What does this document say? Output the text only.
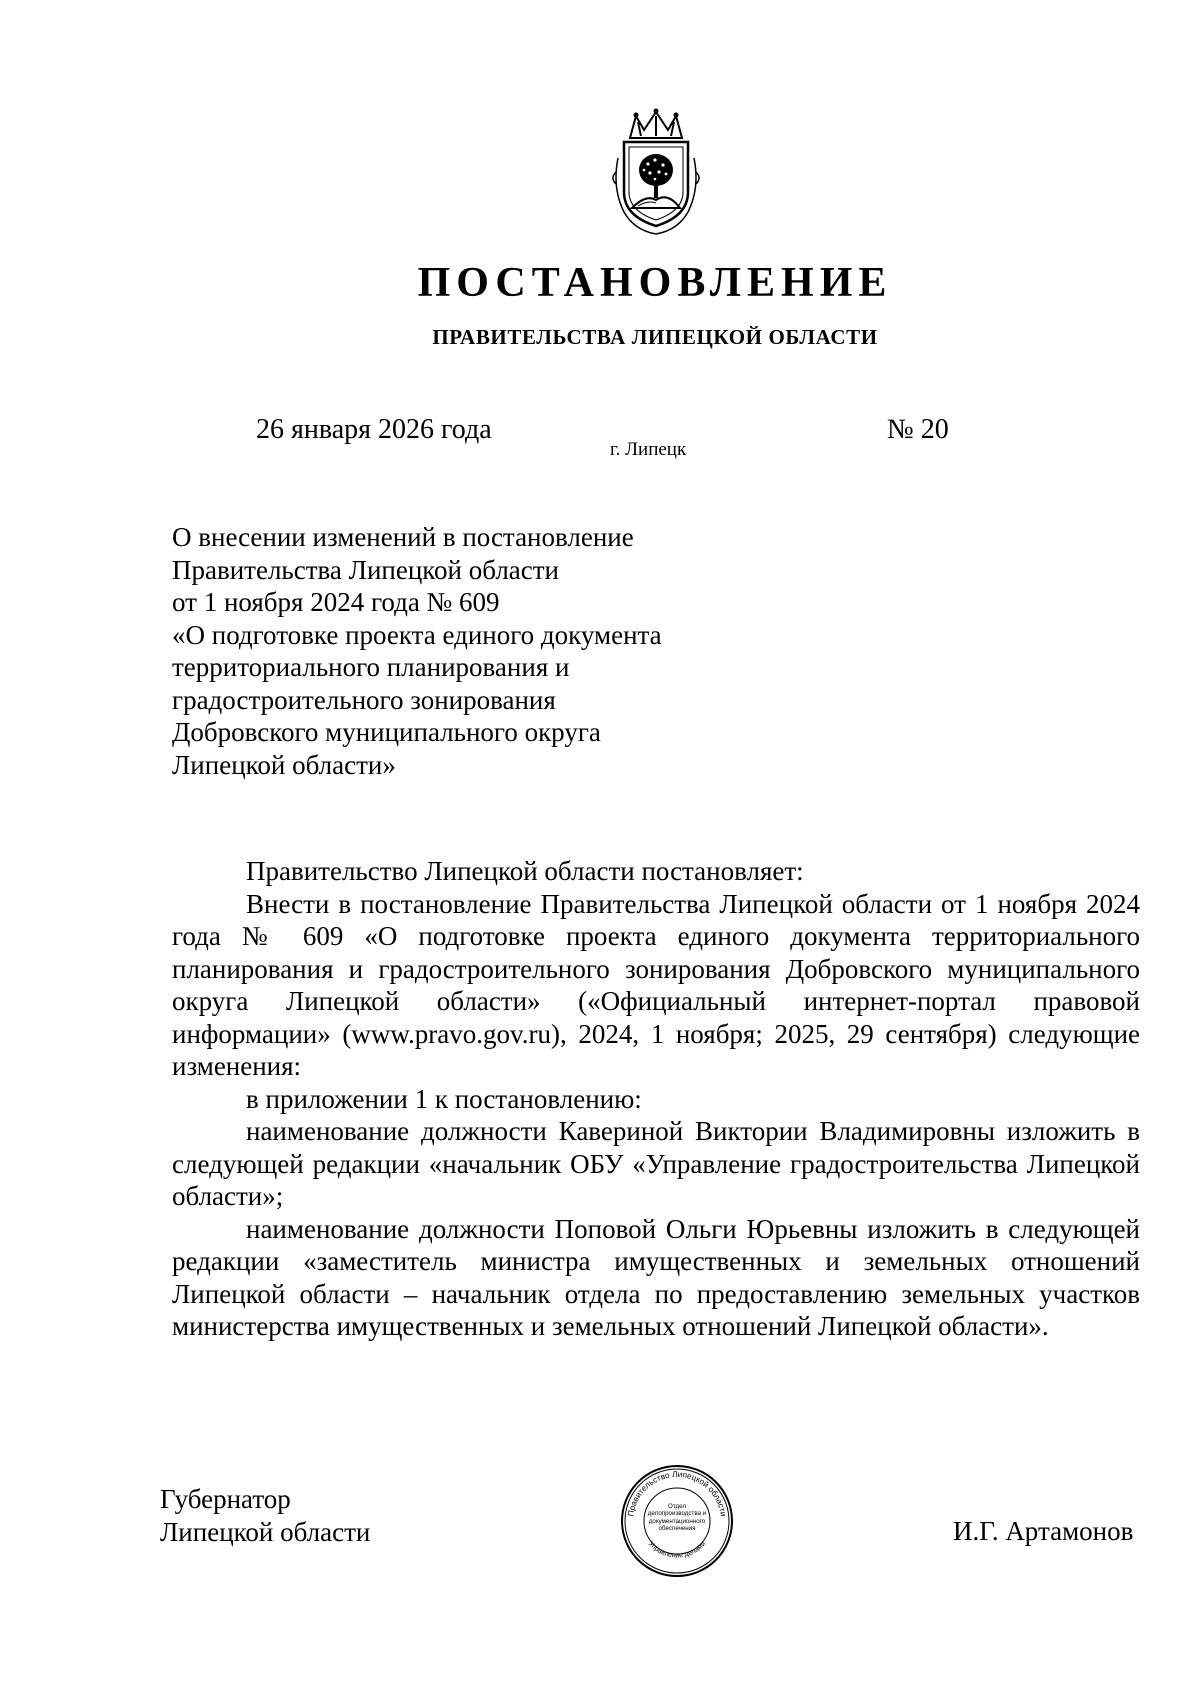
ПОСТАНОВЛЕНИЕ
ПРАВИТЕЛЬСТВА ЛИПЕЦКОЙ ОБЛАСТИ
26 января 2026 года
г. Липецк
№ 20
О внесении изменений в постановление
Правительства Липецкой области
от 1 ноября 2024 года № 609
«О подготовке проекта единого документа
территориального планирования и
градостроительного зонирования
Добровского муниципального округа
Липецкой области»

Правительство Липецкой области постановляет:

Внести в постановление Правительства Липецкой области от 1 ноября 2024 года № 609 «О подготовке проекта единого документа территориального планирования и градостроительного зонирования Добровского муниципального округа Липецкой области» («Официальный интернет-портал правовой информации» (www.pravo.gov.ru), 2024, 1 ноября; 2025, 29 сентября) следующие изменения:

в приложении 1 к постановлению:

наименование должности Кавериной Виктории Владимировны изложить в следующей редакции «начальник ОБУ «Управление градостроительства Липецкой области»;

наименование должности Поповой Ольги Юрьевны изложить в следующей редакции «заместитель министра имущественных и земельных отношений Липецкой области – начальник отдела по предоставлению земельных участков министерства имущественных и земельных отношений Липецкой области».

Губернатор
Липецкой области
Правительство Липецкой области
Управление делами
Отдел делопроизводства и документационного обеспечения	И.Г. Артамонов
